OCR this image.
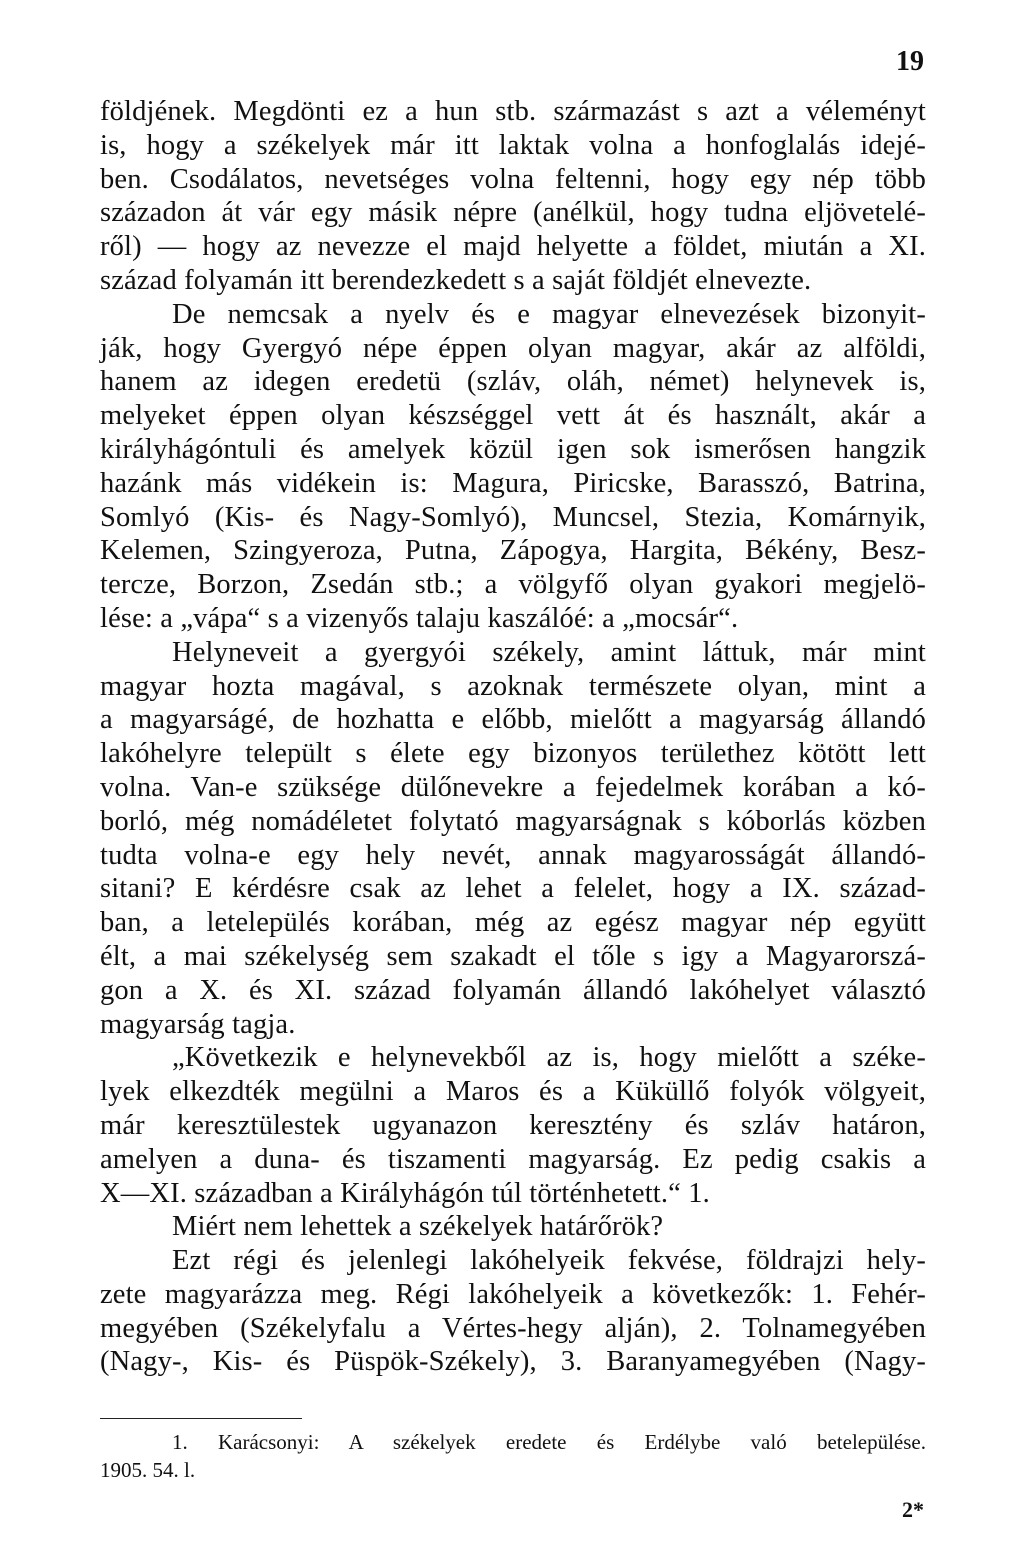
19
földjének. Megdönti ez a hun stb. származást s azt a véleményt
is, hogy a székelyek már itt laktak volna a honfoglalás idejé-
ben. Csodálatos, nevetséges volna feltenni, hogy egy nép több
századon át vár egy másik népre (anélkül, hogy tudna eljövetelé-
ről) — hogy az nevezze el majd helyette a földet, miután a XI.
század folyamán itt berendezkedett s a saját földjét elnevezte.
De nemcsak a nyelv és e magyar elnevezések bizonyit-
ják, hogy Gyergyó népe éppen olyan magyar, akár az alföldi,
hanem az idegen eredetü (szláv, oláh, német) helynevek is,
melyeket éppen olyan készséggel vett át és használt, akár a
királyhágóntuli és amelyek közül igen sok ismerősen hangzik
hazánk más vidékein is: Magura, Piricske, Barasszó, Batrina,
Somlyó (Kis- és Nagy-Somlyó), Muncsel, Stezia, Komárnyik,
Kelemen, Szingyeroza, Putna, Zápogya, Hargita, Békény, Besz-
tercze, Borzon, Zsedán stb.; a völgyfő olyan gyakori megjelö-
lése: a „vápa“ s a vizenyős talaju kaszálóé: a „mocsár“.
Helyneveit a gyergyói székely, amint láttuk, már mint
magyar hozta magával, s azoknak természete olyan, mint a
a magyarságé, de hozhatta e előbb, mielőtt a magyarság állandó
lakóhelyre települt s élete egy bizonyos területhez kötött lett
volna. Van-e szüksége dülőnevekre a fejedelmek korában a kó-
borló, még nomádéletet folytató magyarságnak s kóborlás közben
tudta volna-e egy hely nevét, annak magyarosságát állandó-
sitani? E kérdésre csak az lehet a felelet, hogy a IX. század-
ban, a letelepülés korában, még az egész magyar nép együtt
élt, a mai székelység sem szakadt el tőle s igy a Magyarorszá-
gon a X. és XI. század folyamán állandó lakóhelyet választó
magyarság tagja.
„Következik e helynevekből az is, hogy mielőtt a széke-
lyek elkezdték megülni a Maros és a Küküllő folyók völgyeit,
már keresztülestek ugyanazon keresztény és szláv határon,
amelyen a duna- és tiszamenti magyarság. Ez pedig csakis a
X—XI. században a Királyhágón túl történhetett.“ 1.
Miért nem lehettek a székelyek határőrök?
Ezt régi és jelenlegi lakóhelyeik fekvése, földrajzi hely-
zete magyarázza meg. Régi lakóhelyeik a következők: 1. Fehér-
megyében (Székelyfalu a Vértes-hegy alján), 2. Tolnamegyében
(Nagy-, Kis- és Püspök-Székely), 3. Baranyamegyében (Nagy-
1. Karácsonyi: A székelyek eredete és Erdélybe való betelepülése.
1905. 54. l.
2*
